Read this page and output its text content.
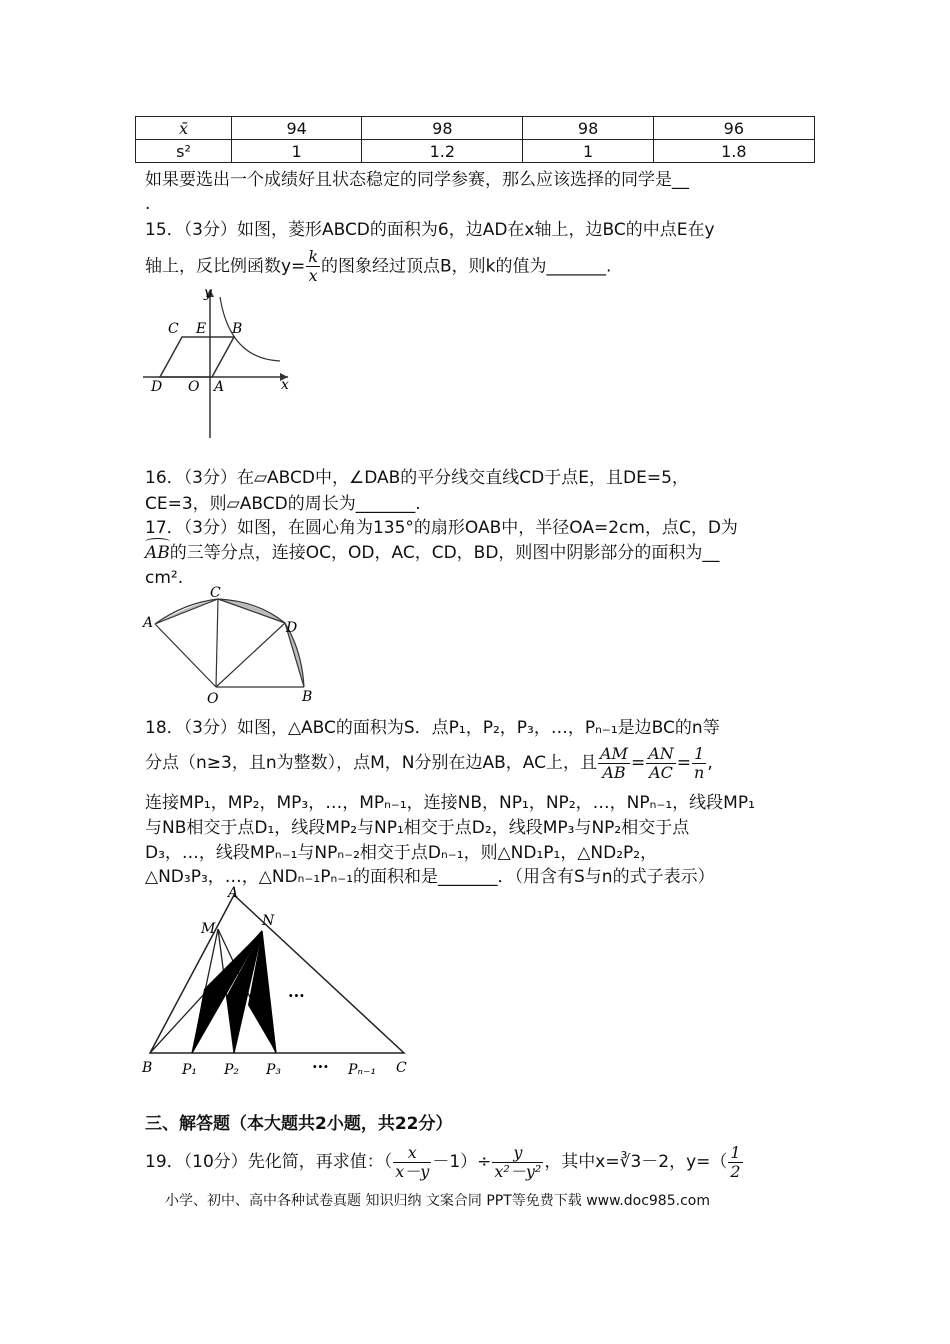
x̄	94	98	98	96
s²	1	1.2	1	1.8
如果要选出一个成绩好且状态稳定的同学参赛，那么应该选择的同学是__
.
15．（3分）如图，菱形ABCD的面积为6，边AD在x轴上，边BC的中点E在y
轴上，反比例函数$y= \frac{k}{x}$ 的图象经过顶点B，则k的值为_______.
y
x
C E B
D O A
16．（3分）在▱ABCD中，∠DAB的平分线交直线CD于点E，且DE=5，
CE=3，则▱ABCD的周长为_______.
17．（3分）如图，在圆心角为135°的扇形OAB中，半径OA=2cm，点C，D为
AB的三等分点，连接OC，OD，AC，CD，BD，则图中阴影部分的面积为__
cm².
A
C
D
O	B
18．（3分）如图，△ABC的面积为S．点P₁，P₂，P₃，…，Pₙ₋₁是边BC的n等
分点（n≥3，且n为整数），点M，N分别在边AB，AC上，且 $\frac{AM}{AB} = \frac{AN}{AC} = \frac{1}{n}$ ,
连接MP₁，MP₂，MP₃，…，MPₙ₋₁，连接NB，NP₁，NP₂，…，NPₙ₋₁，线段MP₁
与NB相交于点D₁，线段MP₂与NP₁相交于点D₂，线段MP₃与NP₂相交于点
D₃，…，线段MPₙ₋₁与NPₙ₋₂相交于点Dₙ₋₁，则△ND₁P₁，△ND₂P₂，
△ND₃P₃，…，△NDₙ₋₁Pₙ₋₁的面积和是_______．（用含有S与n的式子表示）
A
M	N
···
B P₁ P₂ P₃ ··· Pₙ₋₁ C
三、解答题（本大题共2小题，共22分）
19．（10分）先化简，再求值：（ $\frac{x}{x-y} -1)\div \frac{y}{\text{x²－y²}}$ ，其中x=∛3－2，$y=( \frac{1}{2}$
小学、初中、高中各种试卷真题 知识归纳 文案合同 PPT等免费下载 www.doc985.com
